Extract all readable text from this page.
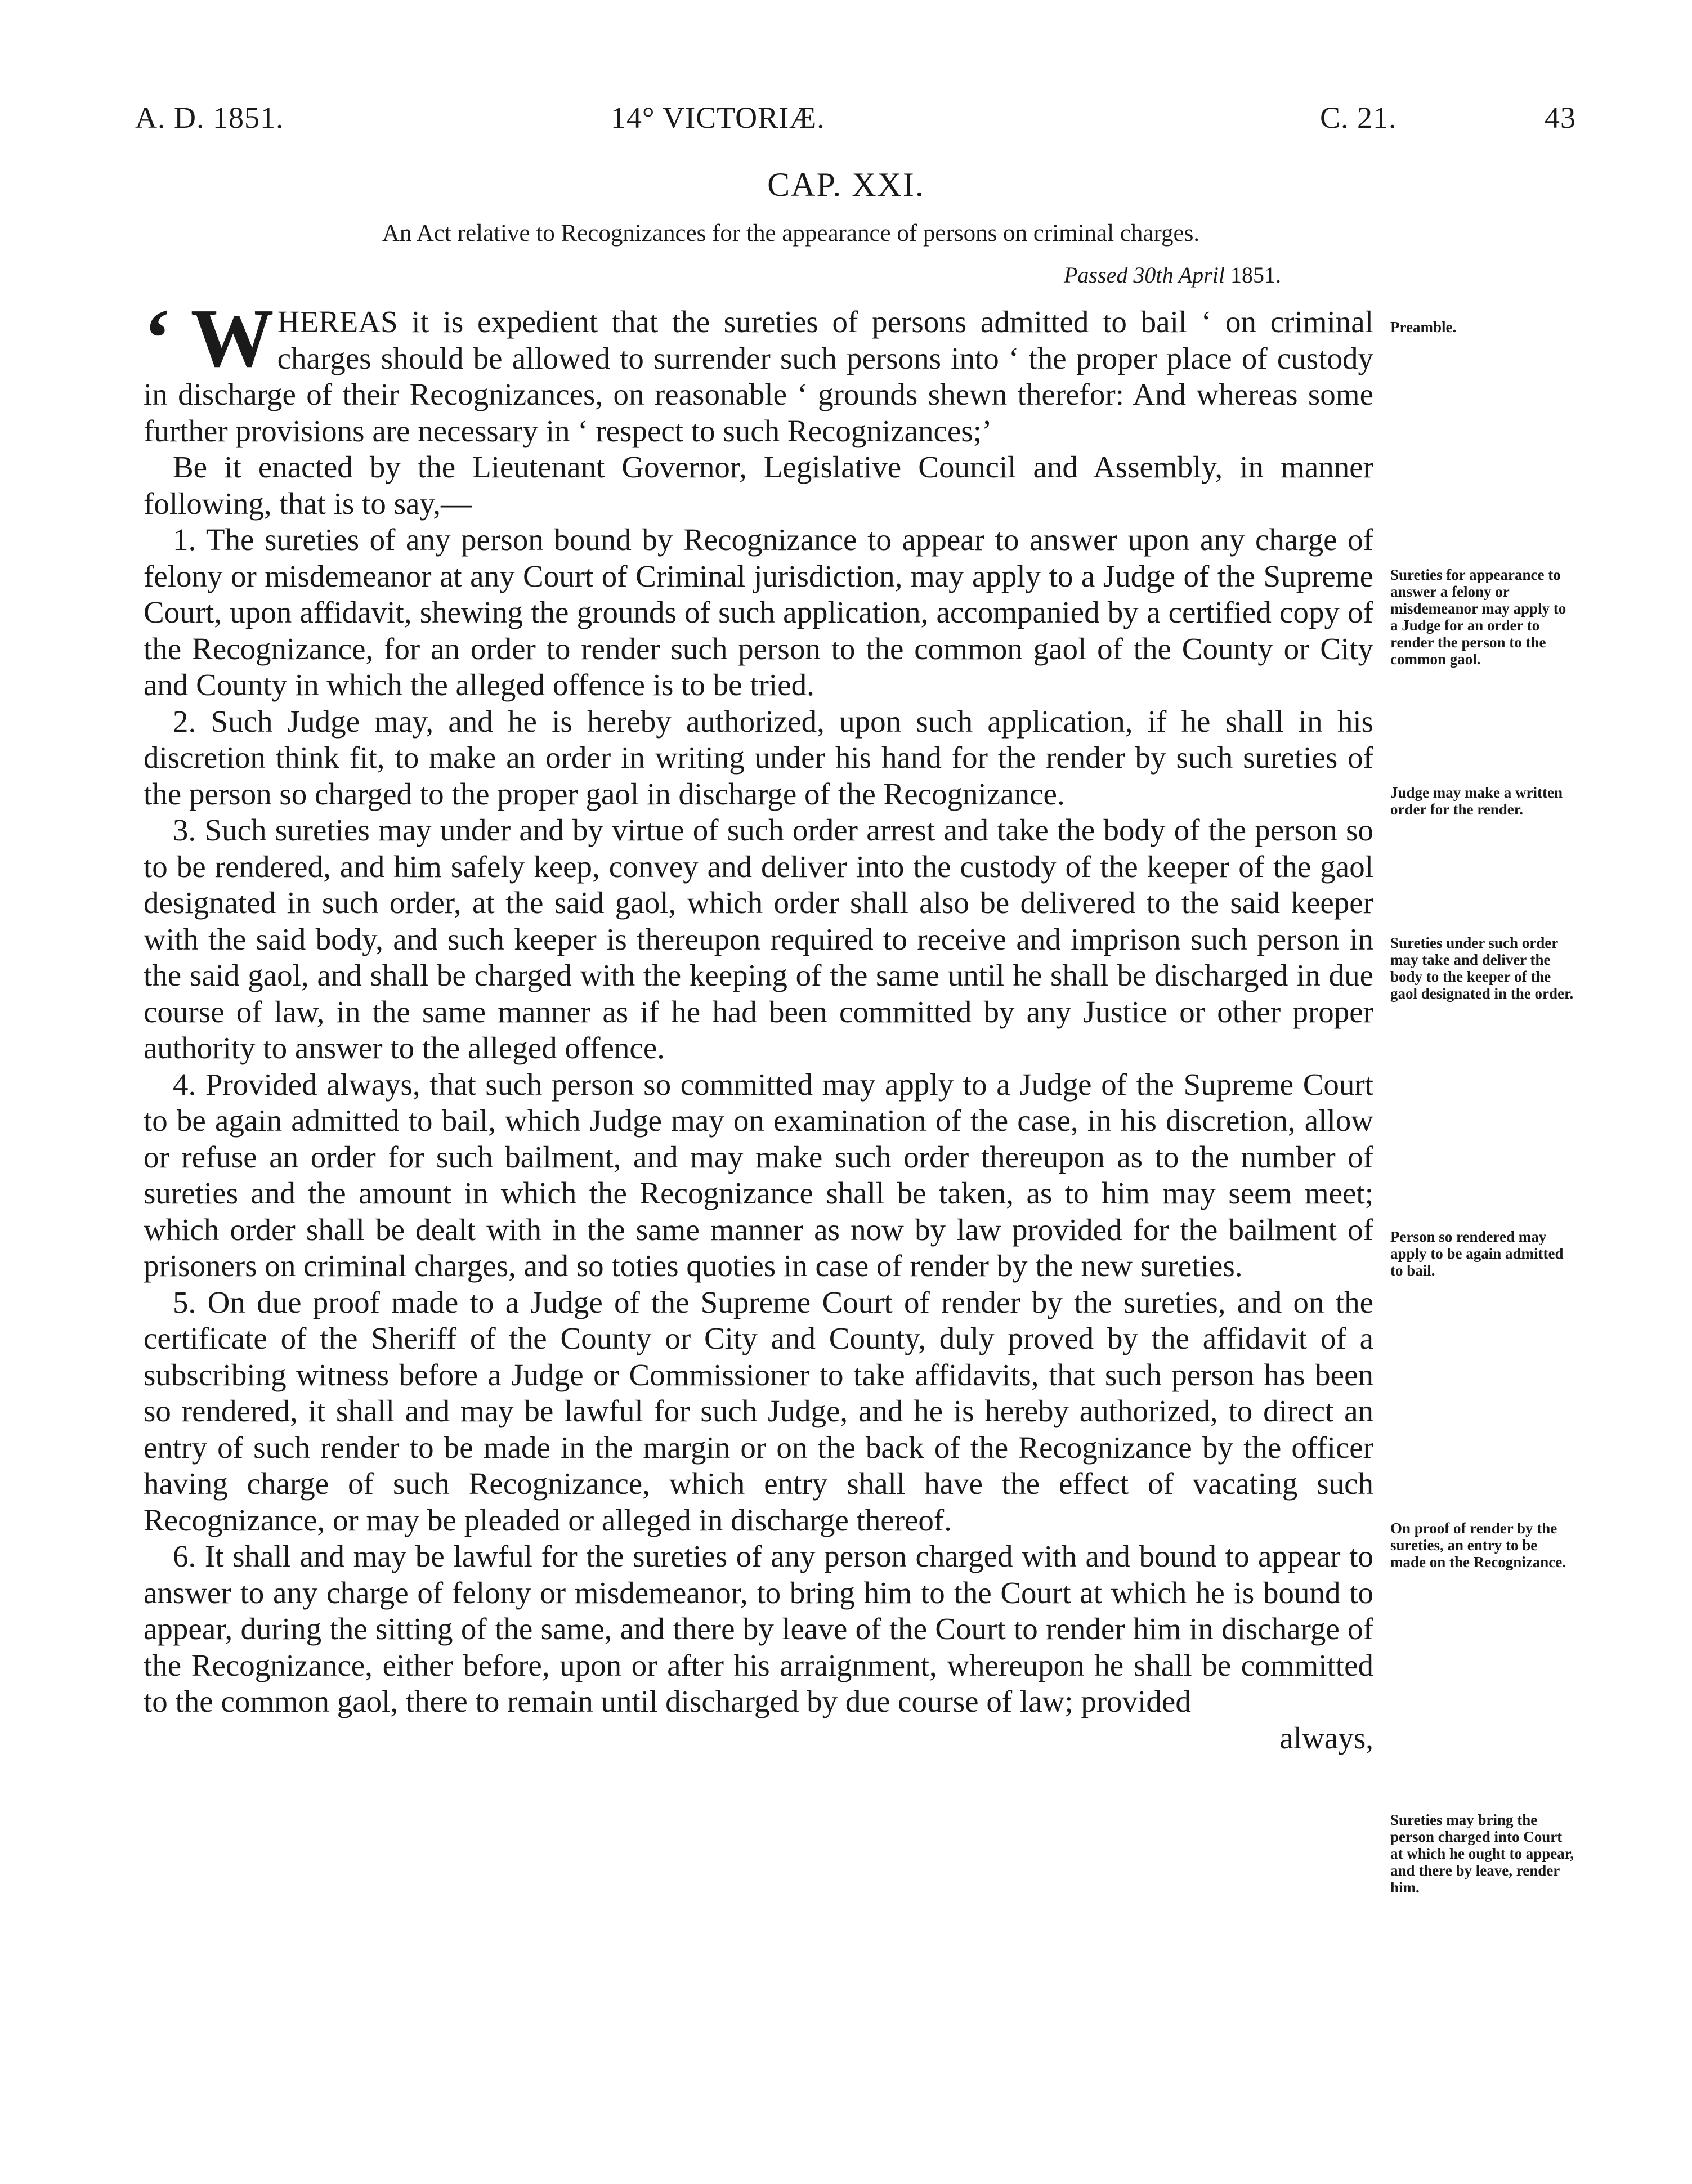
A. D. 1851.	14° VICTORIÆ.	C. 21.	43
CAP. XXI.
An Act relative to Recognizances for the appearance of persons on criminal charges.
Passed 30th April 1851.

‘ W HEREAS it is expedient that the sureties of persons admitted to bail ‘ on criminal charges should be allowed to surrender such persons into ‘ the proper place of custody in discharge of their Recognizances, on reasonable ‘ grounds shewn therefor: And whereas some further provisions are necessary in ‘ respect to such Recognizances;’

Be it enacted by the Lieutenant Governor, Legislative Council and Assembly, in manner following, that is to say,—

1. The sureties of any person bound by Recognizance to appear to answer upon any charge of felony or misdemeanor at any Court of Criminal jurisdiction, may apply to a Judge of the Supreme Court, upon affidavit, shewing the grounds of such application, accompanied by a certified copy of the Recognizance, for an order to render such person to the common gaol of the County or City and County in which the alleged offence is to be tried.

2. Such Judge may, and he is hereby authorized, upon such application, if he shall in his discretion think fit, to make an order in writing under his hand for the render by such sureties of the person so charged to the proper gaol in discharge of the Recognizance.

3. Such sureties may under and by virtue of such order arrest and take the body of the person so to be rendered, and him safely keep, convey and deliver into the custody of the keeper of the gaol designated in such order, at the said gaol, which order shall also be delivered to the said keeper with the said body, and such keeper is thereupon required to receive and imprison such person in the said gaol, and shall be charged with the keeping of the same until he shall be discharged in due course of law, in the same manner as if he had been committed by any Justice or other proper authority to answer to the alleged offence.

4. Provided always, that such person so committed may apply to a Judge of the Supreme Court to be again admitted to bail, which Judge may on examination of the case, in his discretion, allow or refuse an order for such bailment, and may make such order thereupon as to the number of sureties and the amount in which the Recognizance shall be taken, as to him may seem meet; which order shall be dealt with in the same manner as now by law provided for the bailment of prisoners on criminal charges, and so toties quoties in case of render by the new sureties.

5. On due proof made to a Judge of the Supreme Court of render by the sureties, and on the certificate of the Sheriff of the County or City and County, duly proved by the affidavit of a subscribing witness before a Judge or Commissioner to take affidavits, that such person has been so rendered, it shall and may be lawful for such Judge, and he is hereby authorized, to direct an entry of such render to be made in the margin or on the back of the Recognizance by the officer having charge of such Recognizance, which entry shall have the effect of vacating such Recognizance, or may be pleaded or alleged in discharge thereof.

6. It shall and may be lawful for the sureties of any person charged with and bound to appear to answer to any charge of felony or misdemeanor, to bring him to the Court at which he is bound to appear, during the sitting of the same, and there by leave of the Court to render him in discharge of the Recognizance, either before, upon or after his arraignment, whereupon he shall be committed to the common gaol, there to remain until discharged by due course of law; provided

always,
Preamble.
Sureties for appearance to answer a felony or misdemeanor may apply to a Judge for an order to render the person to the common gaol.
Judge may make a written order for the render.
Sureties under such order may take and deliver the body to the keeper of the gaol designated in the order.
Person so rendered may apply to be again admitted to bail.
On proof of render by the sureties, an entry to be made on the Recognizance.
Sureties may bring the person charged into Court at which he ought to appear, and there by leave, render him.
